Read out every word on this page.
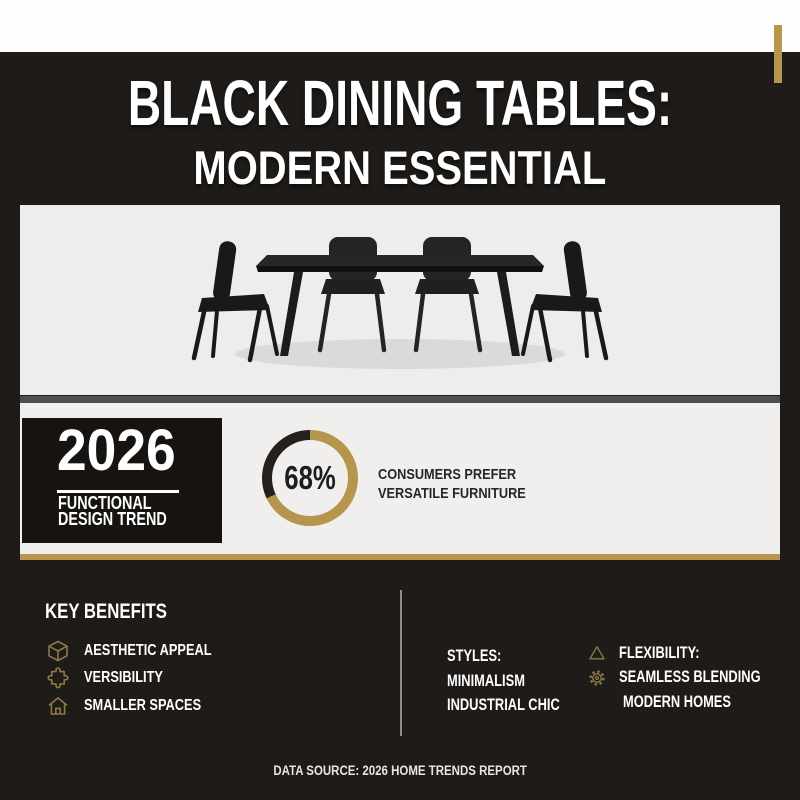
BLACK DINING TABLES:
MODERN ESSENTIAL
2026
FUNCTIONAL
DESIGN TREND
68%	CONSUMERS PREFER
VERSATILE FURNITURE
KEY BENEFITS
AESTHETIC APPEAL
VERSIBILITY
SMALLER SPACES
STYLES:
MINIMALISM
INDUSTRIAL CHIC
FLEXIBILITY:
SEAMLESS BLENDING
MODERN HOMES
DATA SOURCE: 2026 HOME TRENDS REPORT
